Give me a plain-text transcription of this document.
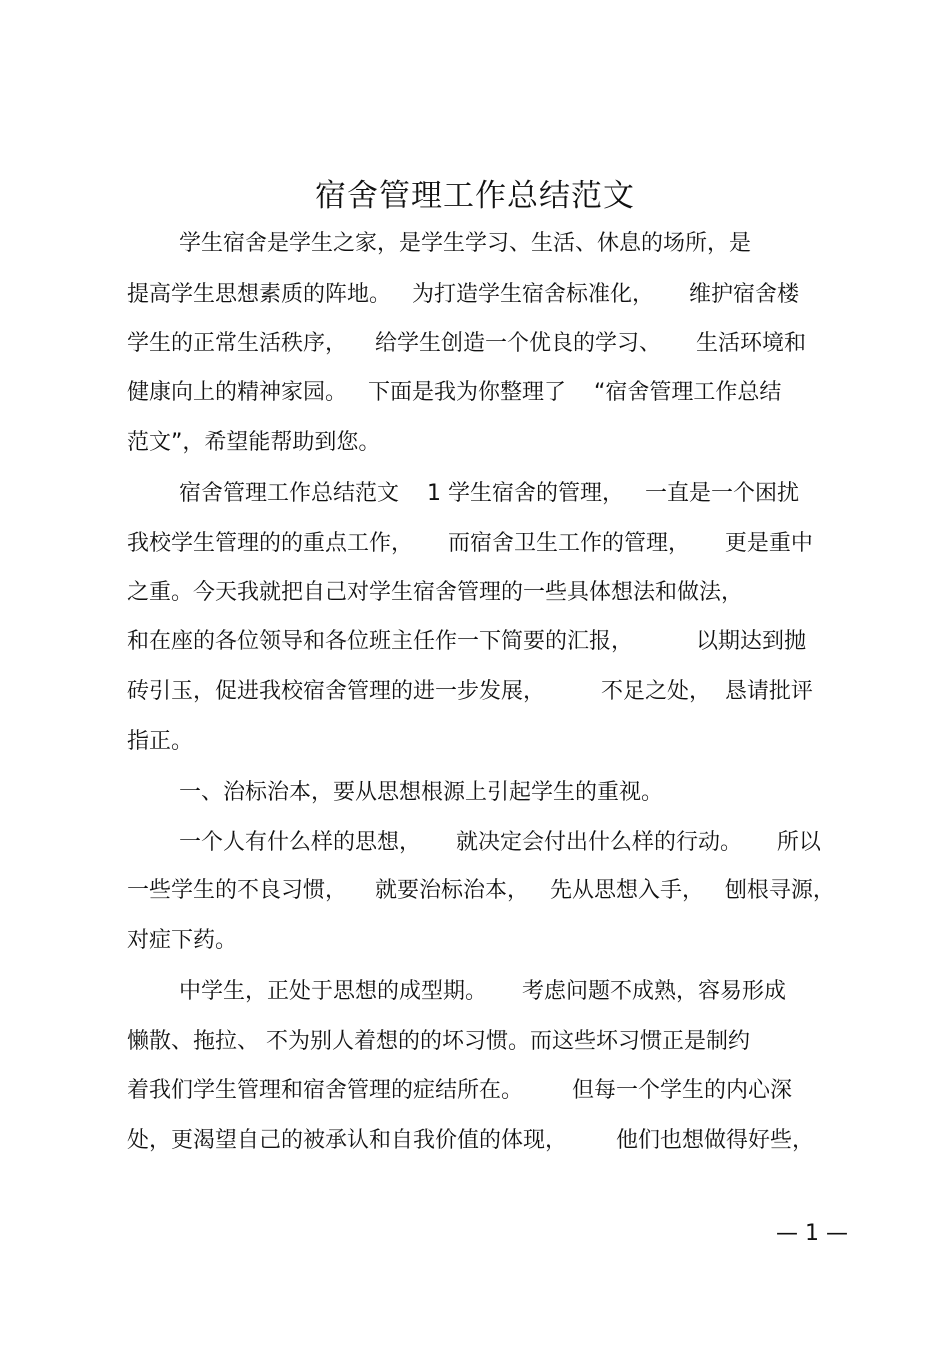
宿舍管理工作总结范文
学生宿舍是学生之家，是学生学习、生活、休息的场所，是
提高学生思想素质的阵地。   为打造学生宿舍标准化，     维护宿舍楼
学生的正常生活秩序，    给学生创造一个优良的学习、     生活环境和
健康向上的精神家园。   下面是我为你整理了    “宿舍管理工作总结
范文”，希望能帮助到您。
宿舍管理工作总结范文    1 学生宿舍的管理，   一直是一个困扰
我校学生管理的的重点工作，     而宿舍卫生工作的管理，     更是重中
之重。今天我就把自己对学生宿舍管理的一些具体想法和做法，
和在座的各位领导和各位班主任作一下简要的汇报，         以期达到抛
砖引玉，促进我校宿舍管理的进一步发展，        不足之处，  恳请批评
指正。
一、治标治本，要从思想根源上引起学生的重视。
一个人有什么样的思想，     就决定会付出什么样的行动。     所以
一些学生的不良习惯，    就要治标治本，   先从思想入手，   刨根寻源，
对症下药。
中学生，正处于思想的成型期。     考虑问题不成熟，容易形成
懒散、拖拉、 不为别人着想的的坏习惯。而这些坏习惯正是制约
着我们学生管理和宿舍管理的症结所在。       但每一个学生的内心深
处，更渴望自己的被承认和自我价值的体现，       他们也想做得好些，
— 1 —
